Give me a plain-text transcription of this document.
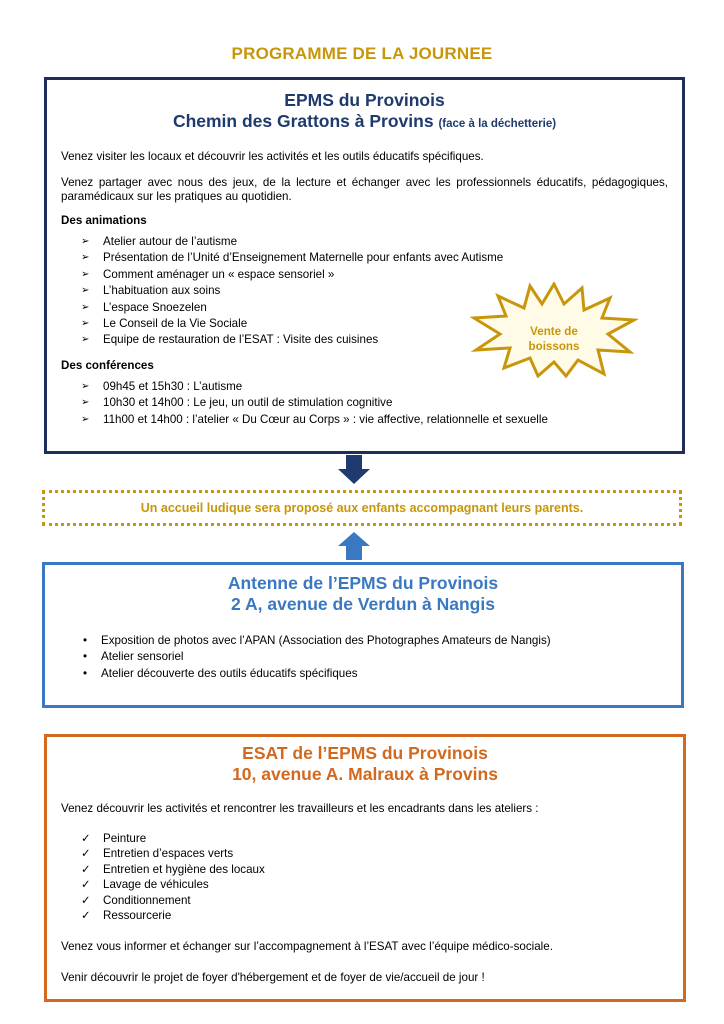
PROGRAMME DE LA JOURNEE
EPMS du Provinois
Chemin des Grattons à Provins (face à la déchetterie)

Venez visiter les locaux et découvrir les activités et les outils éducatifs spécifiques.

Venez partager avec nous des jeux, de la lecture et échanger avec les professionnels éducatifs, pédagogiques, paramédicaux sur les pratiques au quotidien.

Des animations
➢	Atelier autour de l’autisme
➢	Présentation de l’Unité d’Enseignement Maternelle pour enfants avec Autisme
➢	Comment aménager un « espace sensoriel »
➢	L’habituation aux soins
➢	L’espace Snoezelen
➢	Le Conseil de la Vie Sociale
➢	Equipe de restauration de l’ESAT : Visite des cuisines
Des conférences
➢	09h45 et 15h30 : L’autisme
➢	10h30 et 14h00 : Le jeu, un outil de stimulation cognitive
➢	11h00 et 14h00 : l’atelier « Du Cœur au Corps » : vie affective, relationnelle et sexuelle
Vente de
boissons
Un accueil ludique sera proposé aux enfants accompagnant leurs parents.
Antenne de l’EPMS du Provinois
2 A, avenue de Verdun à Nangis
•	Exposition de photos avec l’APAN (Association des Photographes Amateurs de Nangis)
•	Atelier sensoriel
•	Atelier découverte des outils éducatifs spécifiques
ESAT de l’EPMS du Provinois
10, avenue A. Malraux à Provins

Venez découvrir les activités et rencontrer les travailleurs et les encadrants dans les ateliers :

✓	Peinture
✓	Entretien d’espaces verts
✓	Entretien et hygiène des locaux
✓	Lavage de véhicules
✓	Conditionnement
✓	Ressourcerie

Venez vous informer et échanger sur l’accompagnement à l’ESAT avec l’équipe médico-sociale.

Venir découvrir le projet de foyer d'hébergement et de foyer de vie/accueil de jour !
